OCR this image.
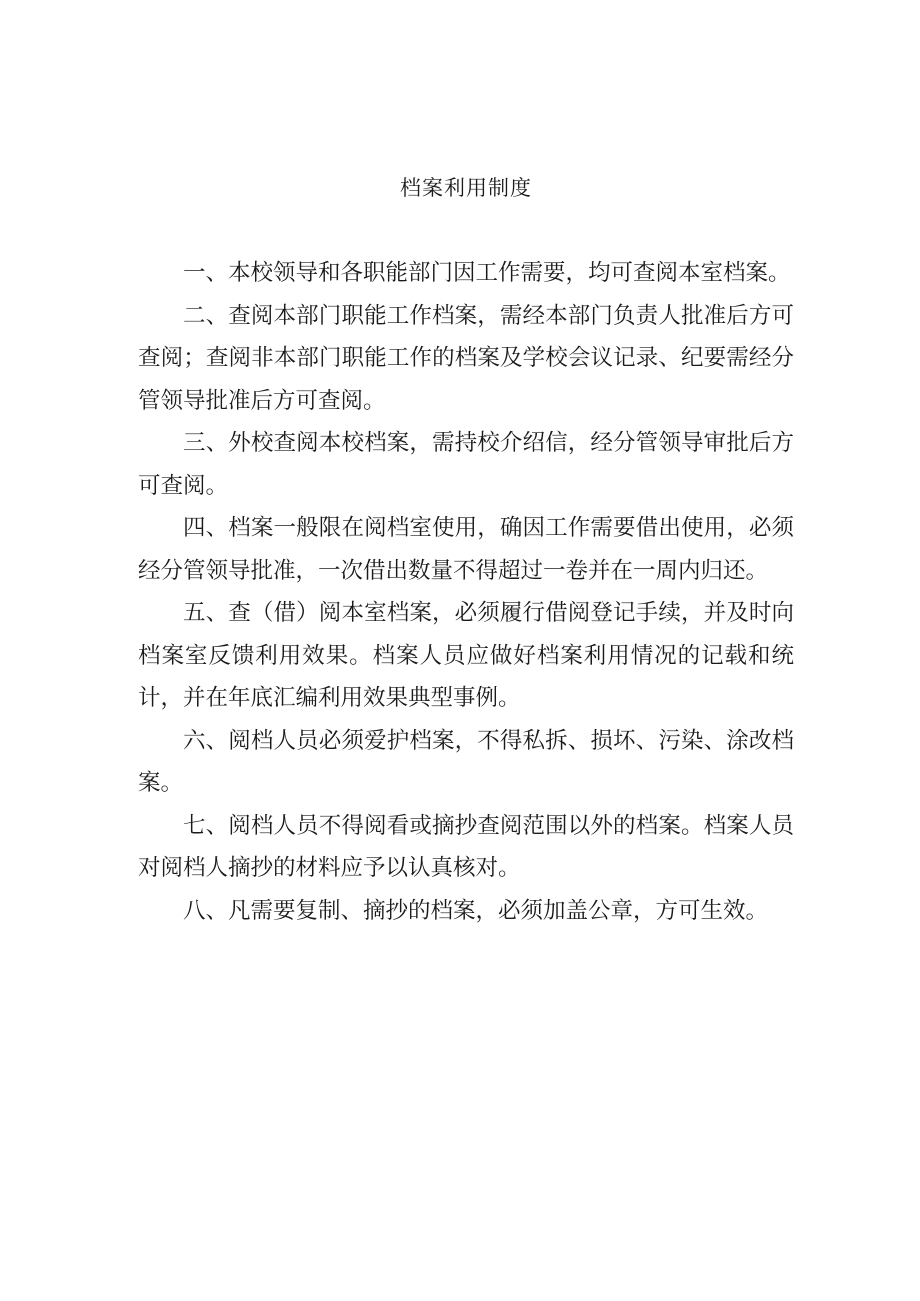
档案利用制度

一、本校领导和各职能部门因工作需要，均可查阅本室档案。

二、查阅本部门职能工作档案，需经本部门负责人批准后方可查阅；查阅非本部门职能工作的档案及学校会议记录、纪要需经分管领导批准后方可查阅。

三、外校查阅本校档案，需持校介绍信，经分管领导审批后方可查阅。

四、档案一般限在阅档室使用，确因工作需要借出使用，必须经分管领导批准，一次借出数量不得超过一卷并在一周内归还。

五、查（借）阅本室档案，必须履行借阅登记手续，并及时向档案室反馈利用效果。档案人员应做好档案利用情况的记载和统计，并在年底汇编利用效果典型事例。

六、阅档人员必须爱护档案，不得私拆、损坏、污染、涂改档案。

七、阅档人员不得阅看或摘抄查阅范围以外的档案。档案人员对阅档人摘抄的材料应予以认真核对。

八、凡需要复制、摘抄的档案，必须加盖公章，方可生效。
